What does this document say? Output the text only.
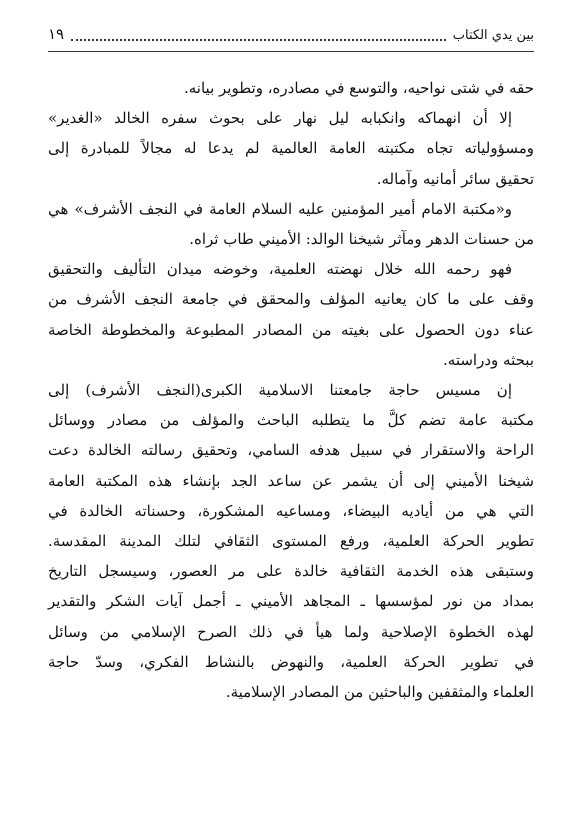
بين يدي الكتاب
١٩

حقه في شتى نواحيه، والتوسع في مصادره، وتطوير بيانه.

إلا أن انهماكه وانكبابه ليل نهار على بحوث سفره الخالد «الغدير»

ومسؤولياته تجاه مكتبته العامة العالمية لم يدعا له مجالاً للمبادرة إلى

تحقيق سائر أمانيه وآماله.

و«مكتبة الامام أمير المؤمنين عليه السلام العامة في النجف الأشرف» هي

من حسنات الدهر ومآثر شيخنا الوالد: الأميني طاب ثراه.

فهو رحمه الله خلال نهضته العلمية، وخوضه ميدان التأليف والتحقيق

وقف على ما كان يعانيه المؤلف والمحقق في جامعة النجف الأشرف من

عناء دون الحصول على بغيته من المصادر المطبوعة والمخطوطة الخاصة

ببحثه ودراسته.

إن مسيس حاجة جامعتنا الاسلامية الكبرى(النجف الأشرف) إلى

مكتبة عامة تضم كلَّ ما يتطلبه الباحث والمؤلف من مصادر ووسائل

الراحة والاستقرار في سبيل هدفه السامي، وتحقيق رسالته الخالدة دعت

شيخنا الأميني إلى أن يشمر عن ساعد الجد بإنشاء هذه المكتبة العامة

التي هي من أياديه البيضاء، ومساعيه المشكورة، وحسناته الخالدة في

تطوير الحركة العلمية، ورفع المستوى الثقافي لتلك المدينة المقدسة.

وستبقى هذه الخدمة الثقافية خالدة على مر العصور، وسيسجل التاريخ

بمداد من نور لمؤسسها ـ المجاهد الأميني ـ أجمل آيات الشكر والتقدير

لهذه الخطوة الإصلاحية ولما هيأ في ذلك الصرح الإسلامي من وسائل

في تطوير الحركة العلمية، والنهوض بالنشاط الفكري، وسدّ حاجة

العلماء والمثقفين والباحثين من المصادر الإسلامية.
